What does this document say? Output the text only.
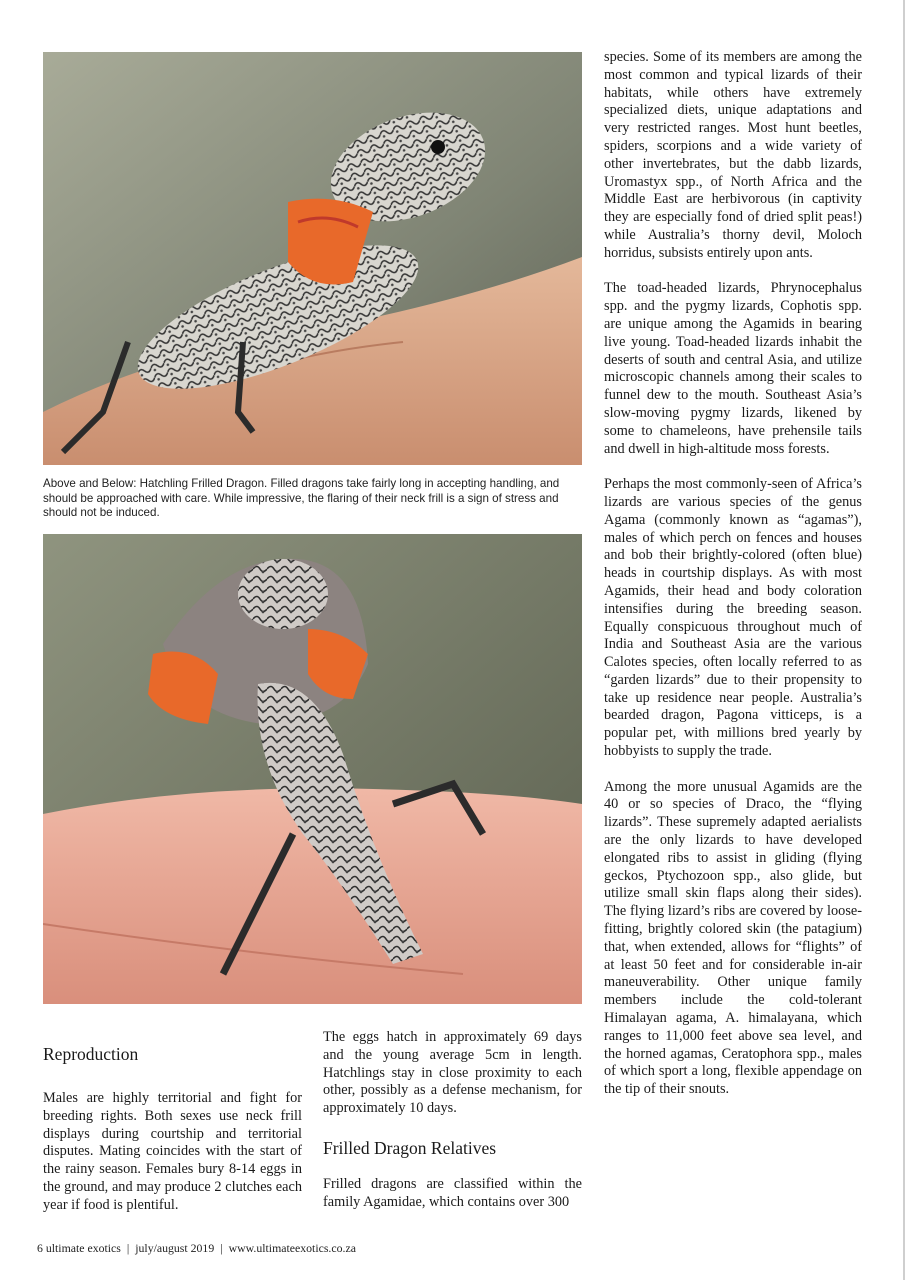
Above and Below: Hatchling Frilled Dragon. Filled dragons take fairly long in accepting handling, and should be approached with care. While impressive, the flaring of their neck frill is a sign of stress and should not be induced.
Reproduction

Males are highly territorial and fight for breeding rights. Both sexes use neck frill displays during courtship and territorial disputes. Mating coincides with the start of the rainy season. Females bury 8-14 eggs in the ground, and may produce 2 clutches each year if food is plentiful.

The eggs hatch in approximately 69 days and the young average 5cm in length. Hatchlings stay in close proximity to each other, possibly as a defense mechanism, for approximately 10 days.

Frilled Dragon Relatives

Frilled dragons are classified within the family Agamidae, which contains over 300

species. Some of its members are among the most common and typical lizards of their habitats, while others have extremely specialized diets, unique adaptations and very restricted ranges. Most hunt beetles, spiders, scorpions and a wide variety of other invertebrates, but the dabb lizards, Uromastyx spp., of North Africa and the Middle East are herbivorous (in captivity they are especially fond of dried split peas!) while Australia’s thorny devil, Moloch horridus, subsists entirely upon ants.

The toad-headed lizards, Phrynocephalus spp. and the pygmy lizards, Cophotis spp. are unique among the Agamids in bearing live young. Toad-headed lizards inhabit the deserts of south and central Asia, and utilize microscopic channels among their scales to funnel dew to the mouth. Southeast Asia’s slow-moving pygmy lizards, likened by some to chameleons, have prehensile tails and dwell in high-altitude moss forests.

Perhaps the most commonly-seen of Africa’s lizards are various species of the genus Agama (commonly known as “agamas”), males of which perch on fences and houses and bob their brightly-colored (often blue) heads in courtship displays. As with most Agamids, their head and body coloration intensifies during the breeding season. Equally conspicuous throughout much of India and Southeast Asia are the various Calotes species, often locally referred to as “garden lizards” due to their propensity to take up residence near people. Australia’s bearded dragon, Pagona vitticeps, is a popular pet, with millions bred yearly by hobbyists to supply the trade.

Among the more unusual Agamids are the 40 or so species of Draco, the “flying lizards”. These supremely adapted aerialists are the only lizards to have developed elongated ribs to assist in gliding (flying geckos, Ptychozoon spp., also glide, but utilize small skin flaps along their sides). The flying lizard’s ribs are covered by loose-fitting, brightly colored skin (the patagium) that, when extended, allows for “flights” of at least 50 feet and for considerable in-air maneuverability. Other unique family members include the cold-tolerant Himalayan agama, A. himalayana, which ranges to 11,000 feet above sea level, and the horned agamas, Ceratophora spp., males of which sport a long, flexible appendage on the tip of their snouts.

6 ultimate exotics | july/august 2019 | www.ultimateexotics.co.za
